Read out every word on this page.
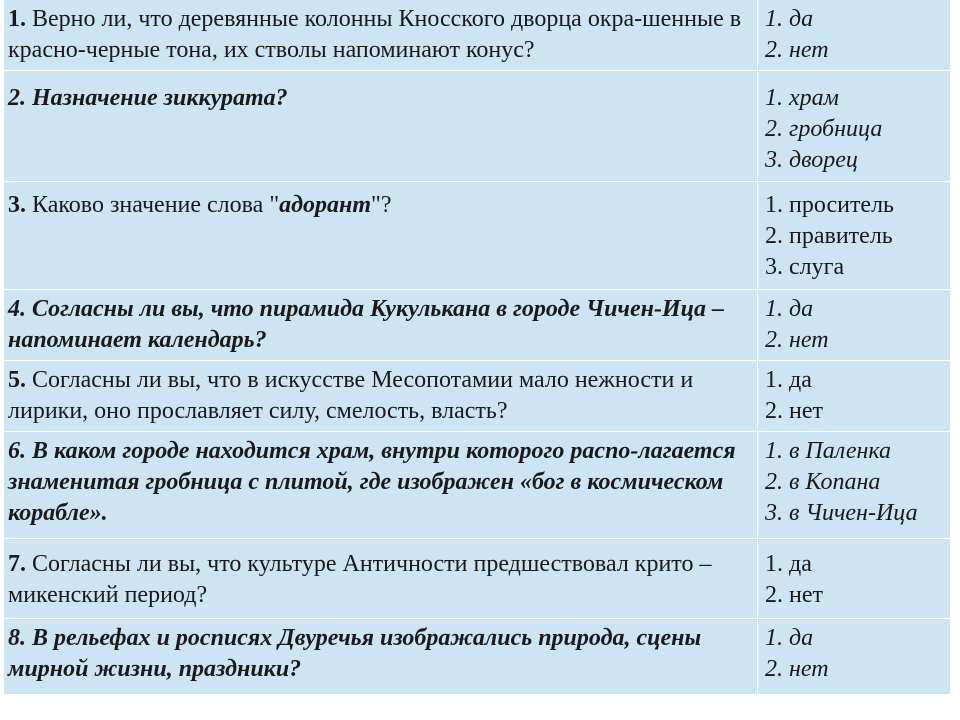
1. Верно ли, что деревянные колонны Кносского дворца окра-шенные в красно-черные тона, их стволы напоминают конус?	1. да
2. нет

2. Назначение зиккурата?	1. храм
2. гробница
3. дворец

3. Каково значение слова "адорант"?	1. проситель
2. правитель
3. слуга

4. Согласны ли вы, что пирамида Кукулькана в городе Чичен-Ица – напоминает календарь?	1. да
2. нет

5. Согласны ли вы, что в искусстве Месопотамии мало нежности и лирики, оно прославляет силу, смелость, власть?	1. да
2. нет

6. В каком городе находится храм, внутри которого распо-лагается знаменитая гробница с плитой, где изображен «бог в космическом корабле».	1. в Паленка
2. в Копана
3. в Чичен-Ица

7. Согласны ли вы, что культуре Античности предшествовал крито – микенский период?	1. да
2. нет

8. В рельефах и росписях Двуречья изображались природа, сцены мирной жизни, праздники?	1. да
2. нет
